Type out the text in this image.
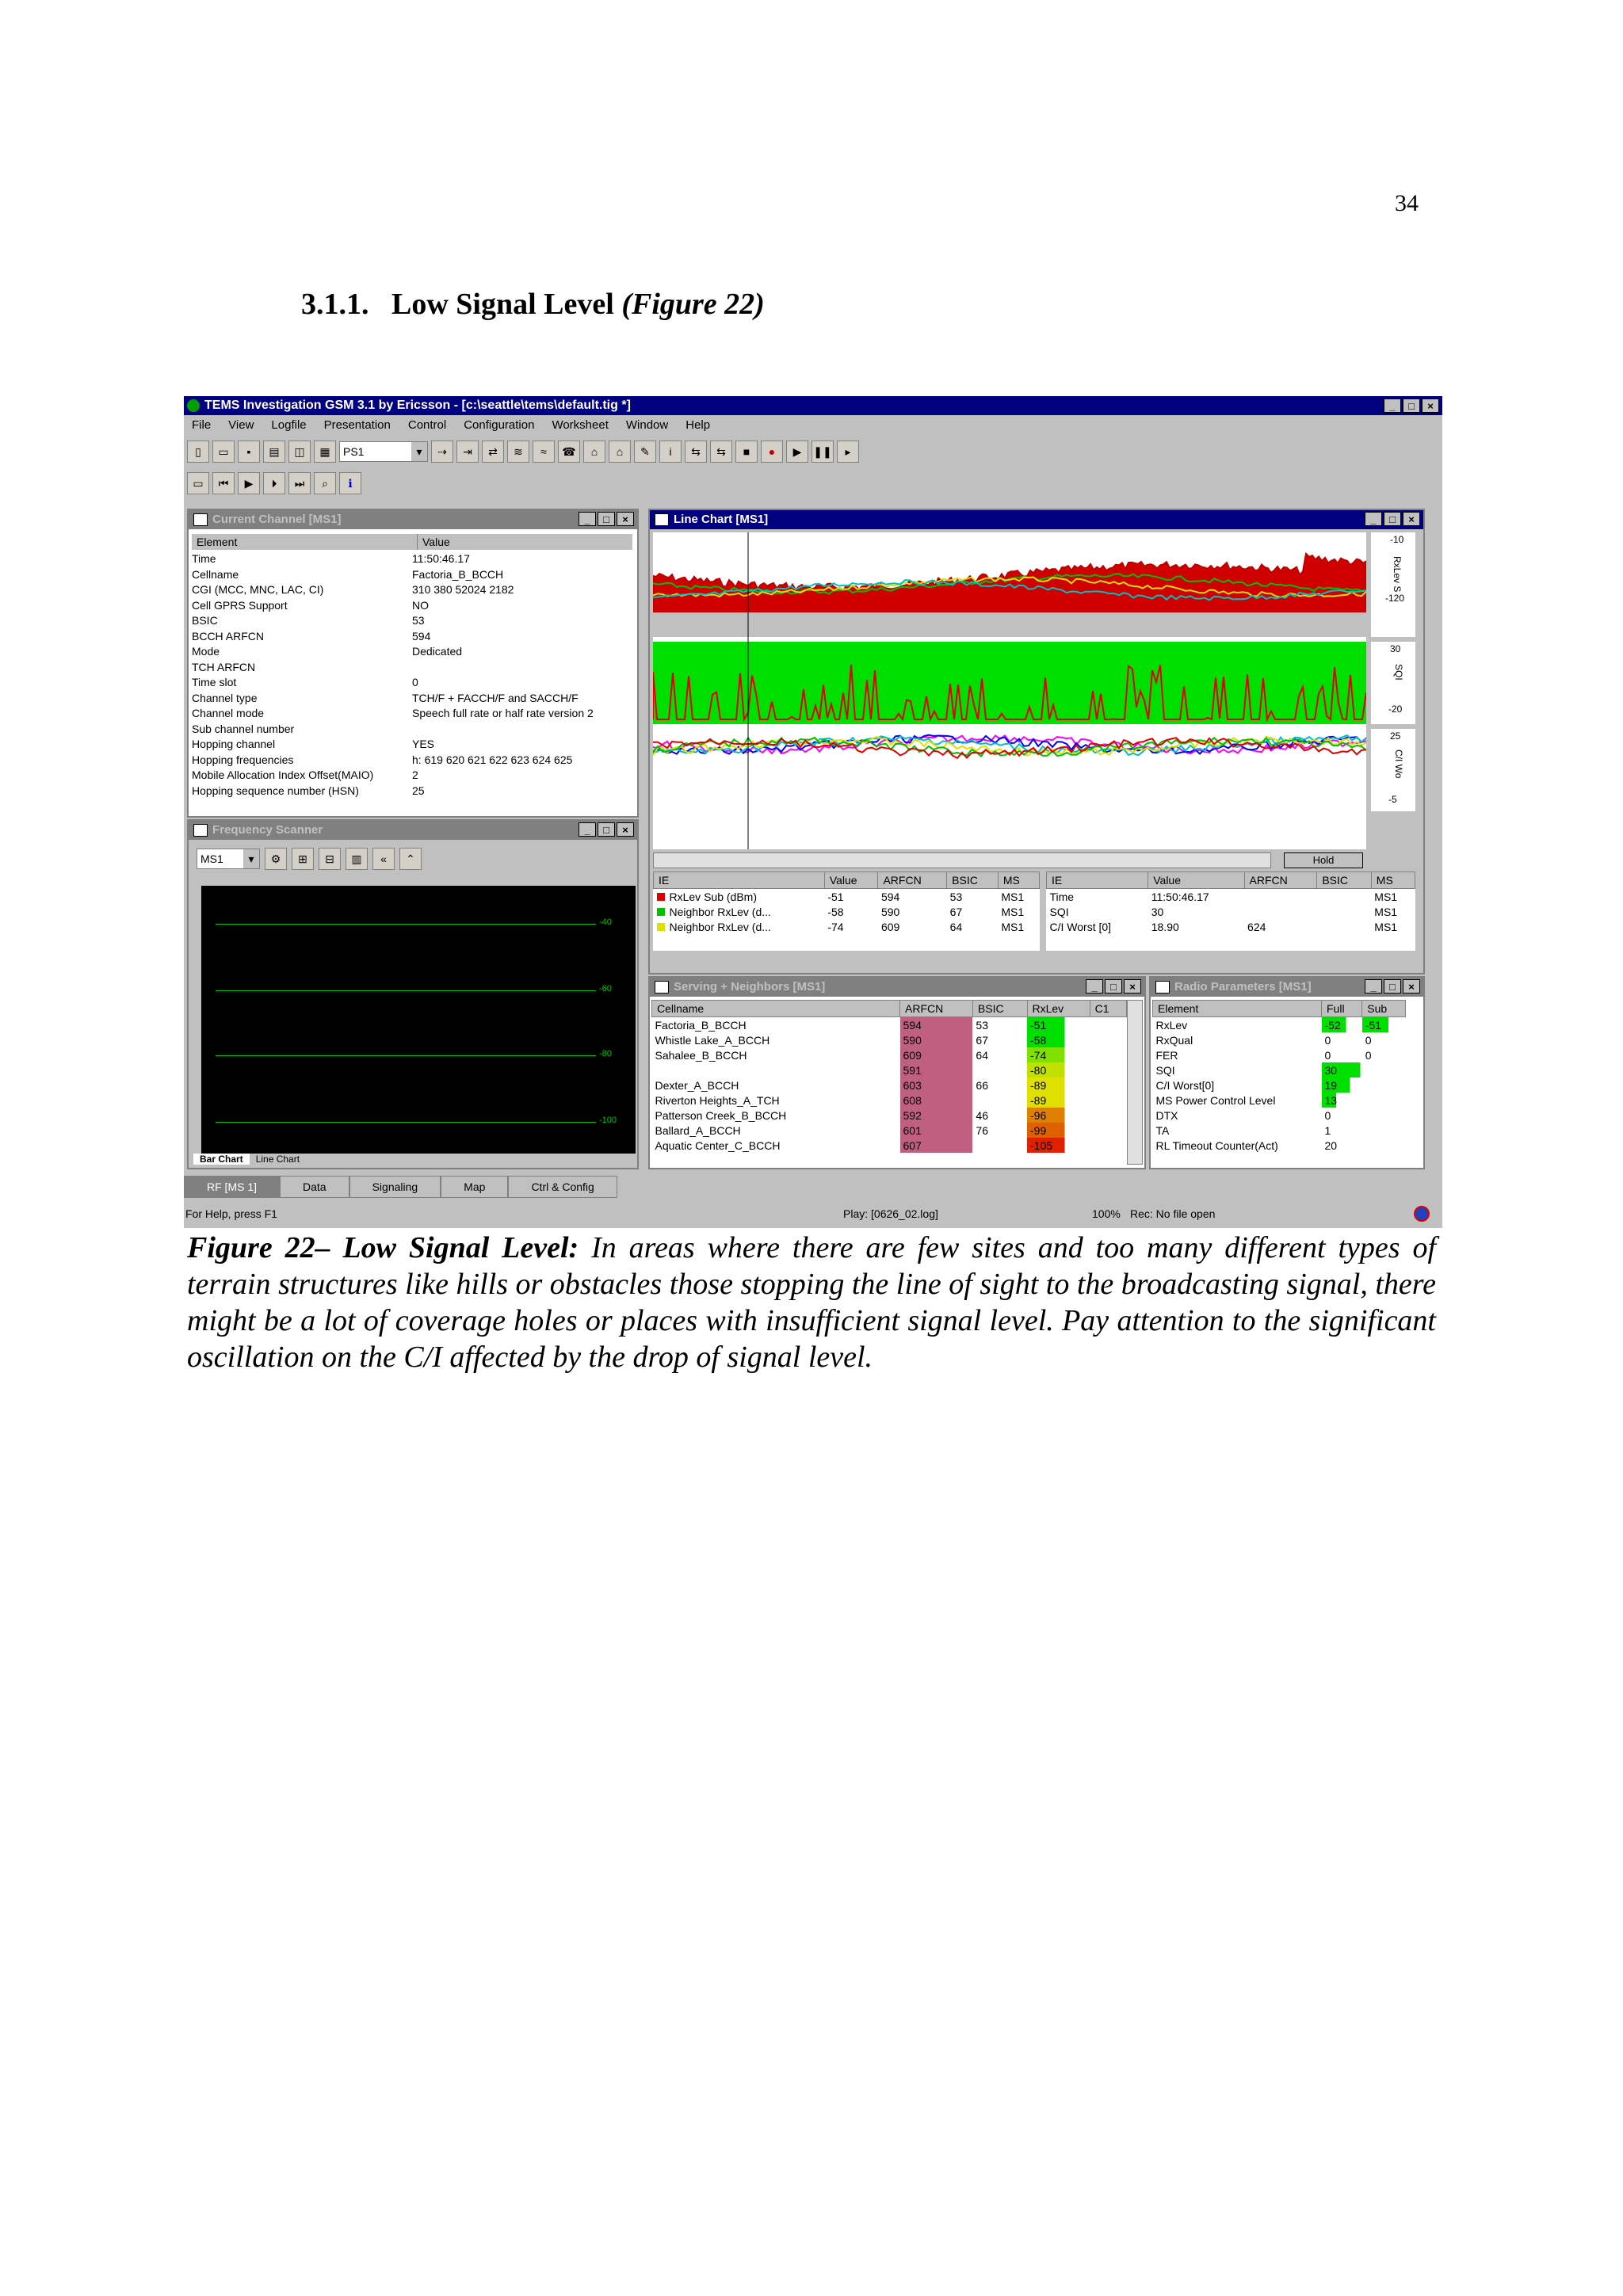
34
3.1.1. Low Signal Level (Figure 22)
TEMS Investigation GSM 3.1 by Ericsson - [c:\seattle\tems\default.tig *]	_	□	×
File	View	Logfile	Presentation	Control	Configuration	Worksheet	Window	Help
▯	▭	▪	▤	◫	▦	PS1	▾	⇢	⇥	⇄	≋	≈	☎	⌂	⌂	✎	i	⇆	⇆	■	●	▶	❚❚	▸
▭	⏮	▶	⏵	⏭	⌕	ℹ
Current Channel [MS1]	_	□	×
Element	Value
Time	11:50:46.17
Cellname	Factoria_B_BCCH
CGI (MCC, MNC, LAC, CI)	310 380 52024 2182
Cell GPRS Support	NO
BSIC	53
BCCH ARFCN	594
Mode	Dedicated
TCH ARFCN
Time slot	0
Channel type	TCH/F + FACCH/F and SACCH/F
Channel mode	Speech full rate or half rate version 2
Sub channel number
Hopping channel	YES
Hopping frequencies	h: 619 620 621 622 623 624 625
Mobile Allocation Index Offset(MAIO)	2
Hopping sequence number (HSN)	25
Frequency Scanner	_	□	×
MS1	▾	⚙	⊞	⊟	▥	«	⌃
-40
-60
-80
-100
Bar Chart	Line Chart
Line Chart [MS1]	_	□	×
-10
RxLev S
-120
30
SQI
-20
25
C/I Wo
-5
Hold
IE	Value	ARFCN	BSIC	MS
RxLev Sub (dBm)	-51	594	53	MS1
Neighbor RxLev (d...	-58	590	67	MS1
Neighbor RxLev (d...	-74	609	64	MS1
IE	Value	ARFCN	BSIC	MS
Time	11:50:46.17			MS1
SQI	30			MS1
C/I Worst [0]	18.90	624		MS1
Serving + Neighbors [MS1]	_	□	×
Cellname	ARFCN	BSIC	RxLev	C1
Factoria_B_BCCH	594	53	-51	
Whistle Lake_A_BCCH	590	67	-58	
Sahalee_B_BCCH	609	64	-74	
	591		-80	
Dexter_A_BCCH	603	66	-89	
Riverton Heights_A_TCH	608		-89	
Patterson Creek_B_BCCH	592	46	-96	
Ballard_A_BCCH	601	76	-99	
Aquatic Center_C_BCCH	607		-105	
Radio Parameters [MS1]	_	□	×
Element	Full	Sub
RxLev	-52	-51
RxQual	0	0
FER	0	0
SQI	30	
C/I Worst[0]	19	
MS Power Control Level	13	
DTX	0	
TA	1	
RL Timeout Counter(Act)	20	
RF [MS 1]	Data	Signaling	Map	Ctrl & Config
For Help, press F1	Play: [0626_02.log]	100% Rec: No file open
Figure 22– Low Signal Level: In areas where there are few sites and too many different types of terrain structures like hills or obstacles those stopping the line of sight to the broadcasting signal, there might be a lot of coverage holes or places with insufficient signal level. Pay attention to the significant oscillation on the C/I affected by the drop of signal level.
